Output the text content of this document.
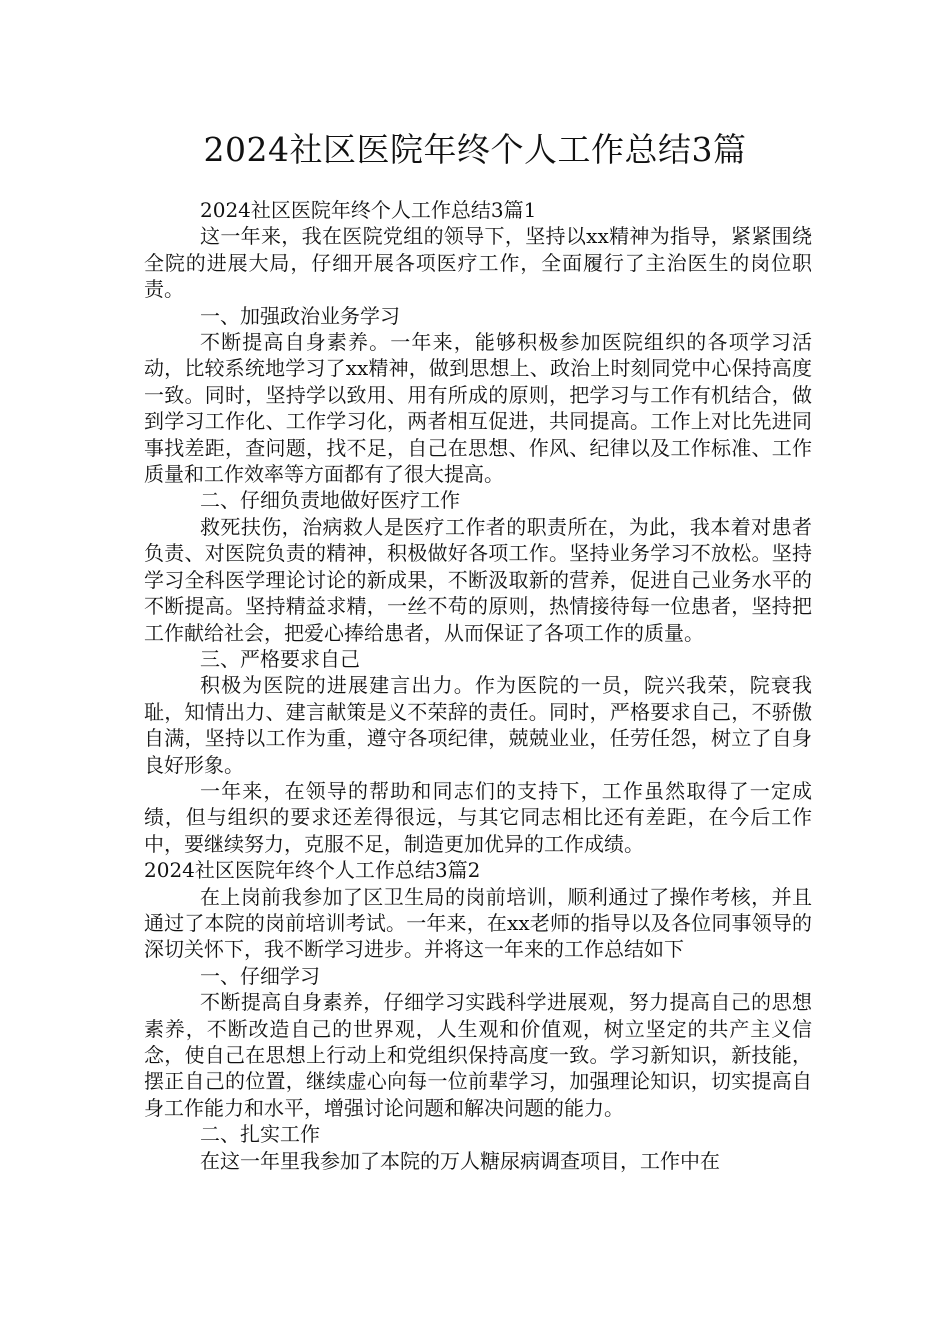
2024社区医院年终个人工作总结3篇

2024社区医院年终个人工作总结3篇1

这一年来，我在医院党组的领导下，坚持以xx精神为指导，紧紧围绕全院的进展大局，仔细开展各项医疗工作，全面履行了主治医生的岗位职责。

一、加强政治业务学习

不断提高自身素养。一年来，能够积极参加医院组织的各项学习活动，比较系统地学习了xx精神，做到思想上、政治上时刻同党中心保持高度一致。同时，坚持学以致用、用有所成的原则，把学习与工作有机结合，做到学习工作化、工作学习化，两者相互促进，共同提高。工作上对比先进同事找差距，查问题，找不足，自己在思想、作风、纪律以及工作标准、工作质量和工作效率等方面都有了很大提高。

二、仔细负责地做好医疗工作

救死扶伤，治病救人是医疗工作者的职责所在，为此，我本着对患者负责、对医院负责的精神，积极做好各项工作。坚持业务学习不放松。坚持学习全科医学理论讨论的新成果，不断汲取新的营养，促进自己业务水平的不断提高。坚持精益求精，一丝不苟的原则，热情接待每一位患者，坚持把工作献给社会，把爱心捧给患者，从而保证了各项工作的质量。

三、严格要求自己

积极为医院的进展建言出力。作为医院的一员，院兴我荣，院衰我耻，知情出力、建言献策是义不荣辞的责任。同时，严格要求自己，不骄傲自满，坚持以工作为重，遵守各项纪律，兢兢业业，任劳任怨，树立了自身良好形象。

一年来，在领导的帮助和同志们的支持下，工作虽然取得了一定成绩，但与组织的要求还差得很远，与其它同志相比还有差距，在今后工作中，要继续努力，克服不足，制造更加优异的工作成绩。

2024社区医院年终个人工作总结3篇2

在上岗前我参加了区卫生局的岗前培训，顺利通过了操作考核，并且通过了本院的岗前培训考试。一年来，在xx老师的指导以及各位同事领导的深切关怀下，我不断学习进步。并将这一年来的工作总结如下

一、仔细学习

不断提高自身素养，仔细学习实践科学进展观，努力提高自己的思想素养，不断改造自己的世界观，人生观和价值观，树立坚定的共产主义信念，使自己在思想上行动上和党组织保持高度一致。学习新知识，新技能，摆正自己的位置，继续虚心向每一位前辈学习，加强理论知识，切实提高自身工作能力和水平，增强讨论问题和解决问题的能力。

二、扎实工作

在这一年里我参加了本院的万人糖尿病调查项目，工作中在
